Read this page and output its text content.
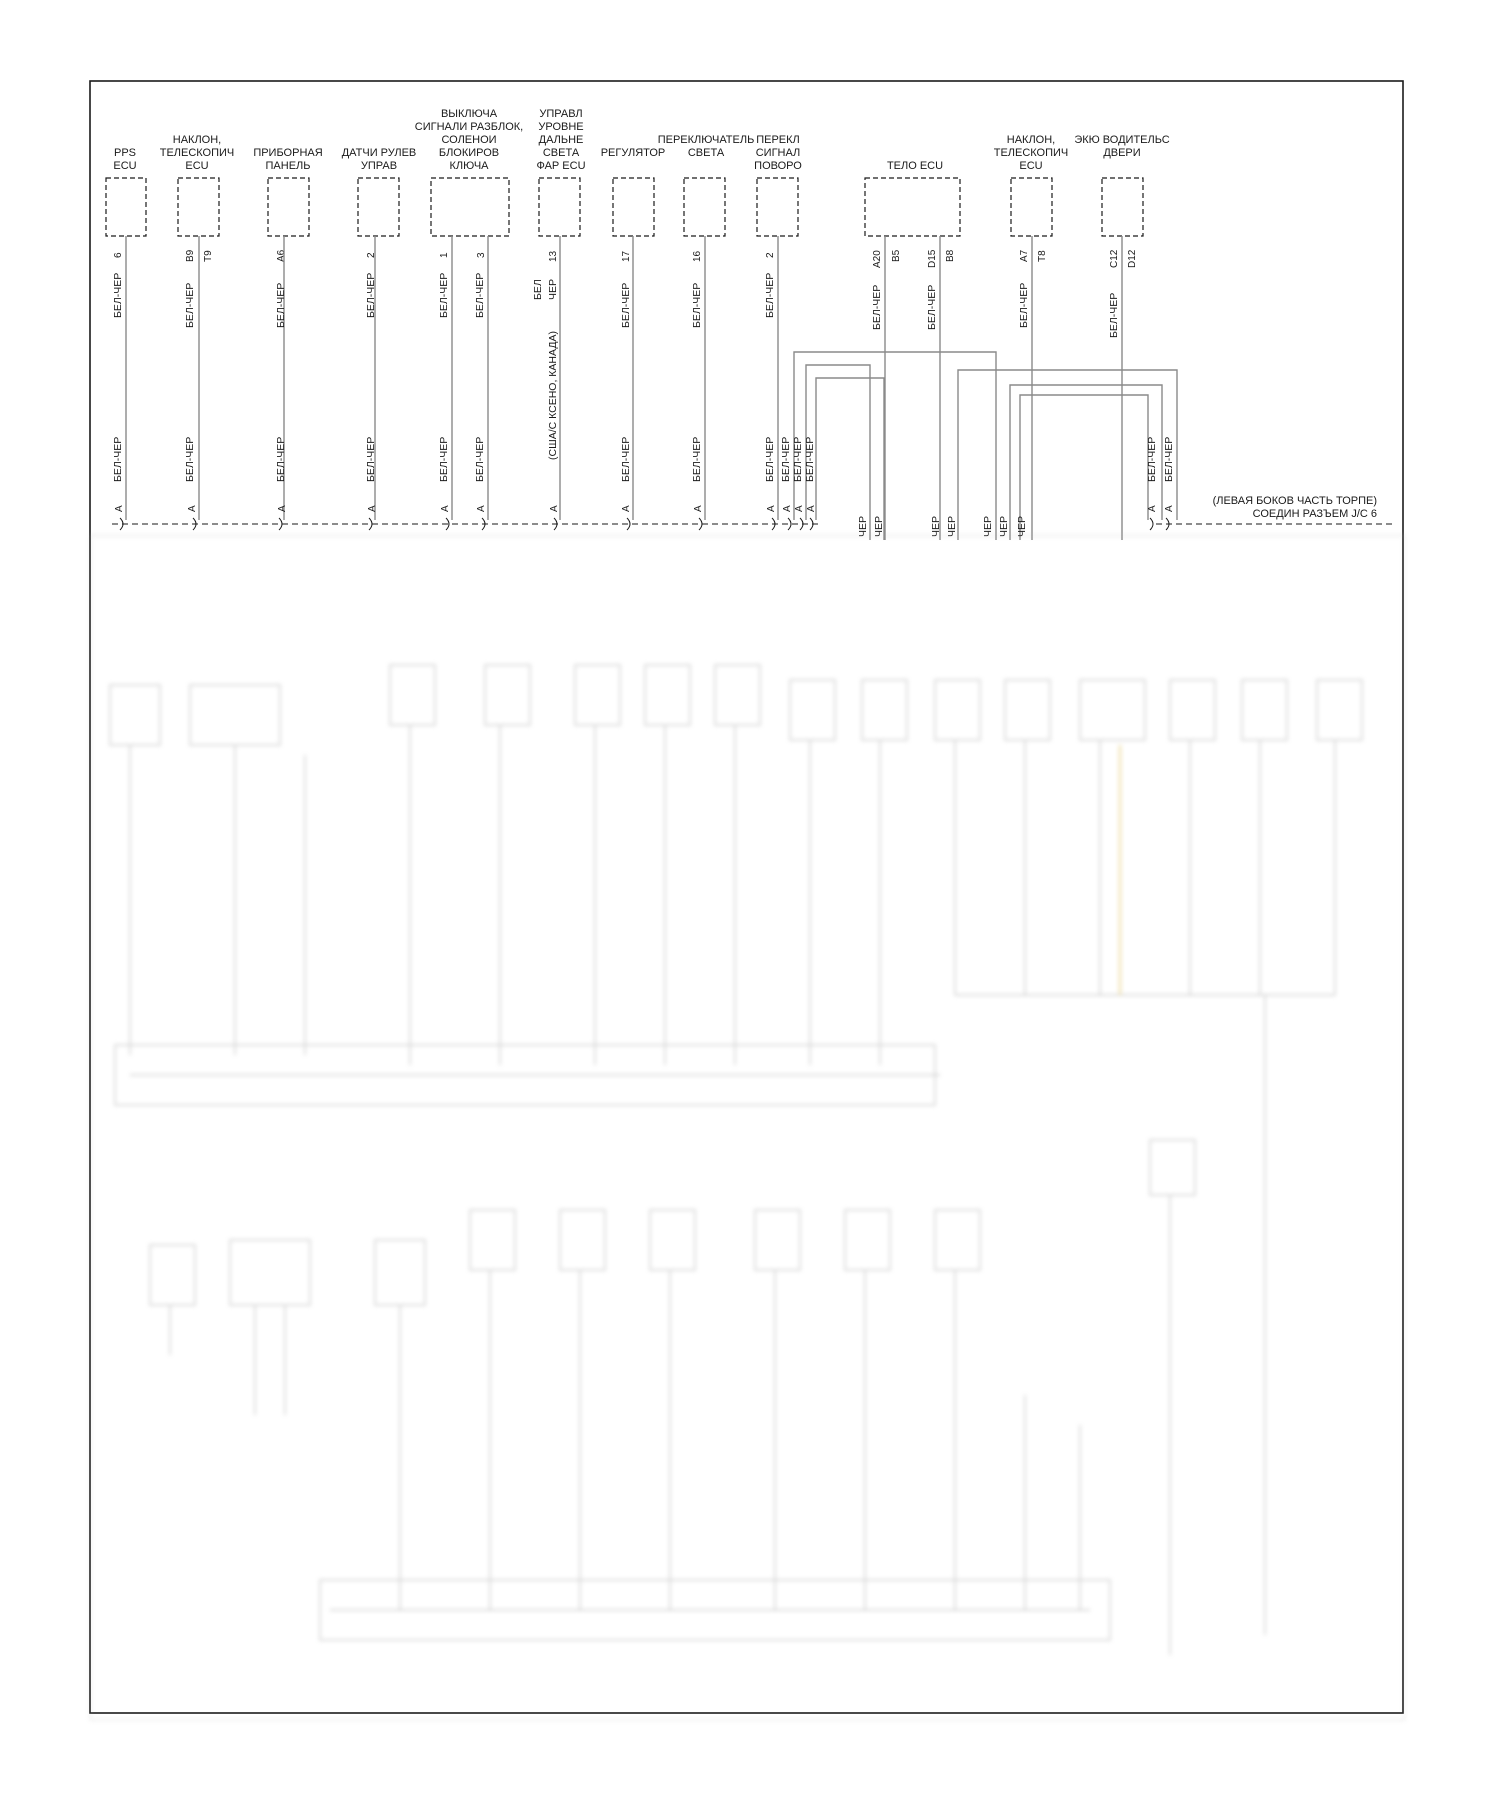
PPS ECU
НАКЛОН, ТЕЛЕСКОПИЧ ECU
ПРИБОРНАЯ ПАНЕЛЬ
ДАТЧИ РУЛЕВ УПРАВ
ВЫКЛЮЧА СИГНАЛИ РАЗБЛОК, СОЛЕНОИ БЛОКИРОВ КЛЮЧА
УПРАВЛ УРОВНЕ ДАЛЬНЕ СВЕТА ФАР ECU
РЕГУЛЯТОР
ПЕРЕКЛЮЧАТЕЛЬ СВЕТА
ПЕРЕКЛ СИГНАЛ ПОВОРО	ТЕЛО ECU
НАКЛОН, ТЕЛЕСКОПИЧ ECU
ЭКЮ ВОДИТЕЛЬС ДВЕРИ
6	B9 T9	A6	2	1	3	13	17	16	2	A20 B5	D15 B8	A7 T8	C12 D12
БЕЛ-ЧЕР	БЕЛ-ЧЕР	БЕЛ-ЧЕР	БЕЛ-ЧЕР	БЕЛ-ЧЕР БЕЛ-ЧЕР	БЕЛ ЧЕР	БЕЛ-ЧЕР	БЕЛ-ЧЕР	БЕЛ-ЧЕР	БЕЛ-ЧЕР	БЕЛ-ЧЕР	БЕЛ-ЧЕР	БЕЛ-ЧЕР
БЕЛ-ЧЕР	БЕЛ-ЧЕР	БЕЛ-ЧЕР	БЕЛ-ЧЕР	БЕЛ-ЧЕР БЕЛ-ЧЕР	(США/С КСЕНО, КАНАДА)	БЕЛ-ЧЕР	БЕЛ-ЧЕР	БЕЛ-ЧЕР БЕЛ-ЧЕР БЕЛ-ЧЕР БЕЛ-ЧЕР	БЕЛ-ЧЕР БЕЛ-ЧЕР
A	A	A	A	A	A	A	A	A	A A A A	A A
ЧЕР ЧЕР	ЧЕР ЧЕР ЧЕР ЧЕР ЧЕР
(ЛЕВАЯ БОКОВ ЧАСТЬ ТОРПЕ) СОЕДИН РАЗЪЕМ J/C 6
